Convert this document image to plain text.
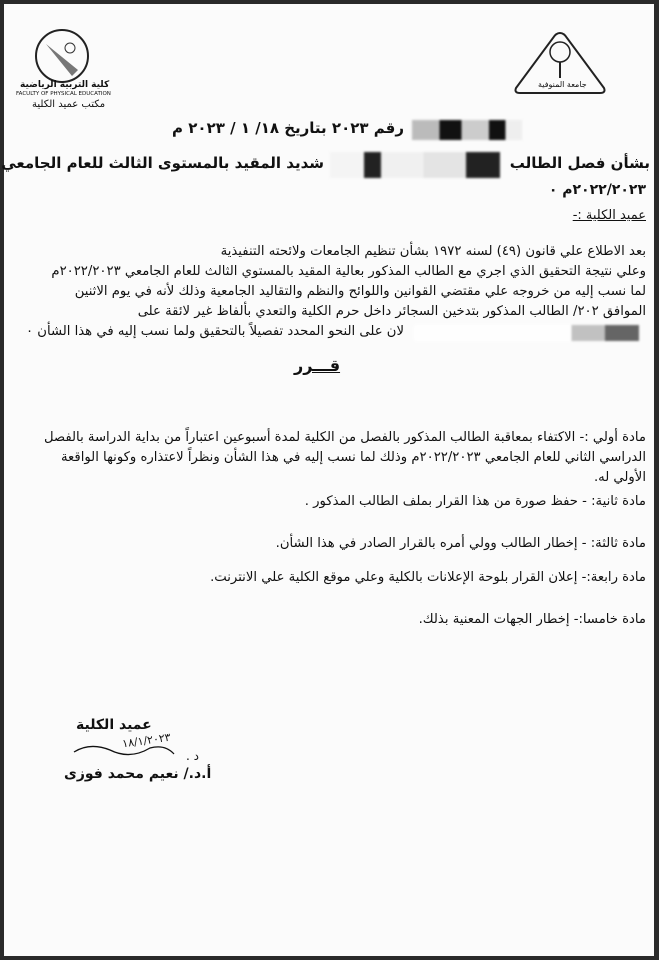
كلية التربية الرياضية
FACULTY OF PHYSICAL EDUCATION
مكتب عميد الكلية
جامعة المنوفية
رقم ٢٠٢٣ بتاريخ ١٨/ ١ / ٢٠٢٣ م
بشأن فصل الطالب
شديد المقيد بالمستوى الثالث للعام الجامعي
٢٠٢٢/٢٠٢٣م ٠
عميد الكلية :-
بعد الاطلاع علي قانون (٤٩) لسنه ١٩٧٢ بشأن تنظيم الجامعات ولائحته التنفيذية
وعلي نتيجة التحقيق الذي اجري مع الطالب المذكور بعالية المقيد بالمستوي الثالث للعام الجامعي ٢٠٢٢/٢٠٢٣م
لما نسب إليه من خروجه علي مقتضي القوانين واللوائح والنظم والتقاليد الجامعية وذلك لأنه في يوم الاثنين
الموافق ٢٠٢/ الطالب المذكور بتدخين السجائر داخل حرم الكلية والتعدي بألفاظ غير لائقة على
لان على النحو المحدد تفصيلاً بالتحقيق ولما نسب إليه في هذا الشأن ٠
قـــرر
مادة أولي :- الاكتفاء بمعاقبة الطالب المذكور بالفصل من الكلية لمدة أسبوعين اعتباراً من بداية الدراسة بالفصل
الدراسي الثاني للعام الجامعي ٢٠٢٢/٢٠٢٣م وذلك لما نسب إليه في هذا الشأن ونظراً لاعتذاره وكونها الواقعة
الأولي له.
مادة ثانية: - حفظ صورة من هذا القرار بملف الطالب المذكور .
مادة ثالثة: - إخطار الطالب وولي أمره بالقرار الصادر في هذا الشأن.
مادة رابعة:- إعلان القرار بلوحة الإعلانات بالكلية وعلي موقع الكلية علي الانترنت.
مادة خامسا:- إخطار الجهات المعنية بذلك.
عميد الكلية
د .
١٨/١/٢٠٢٣
أ.د./ نعيم محمد فوزى
